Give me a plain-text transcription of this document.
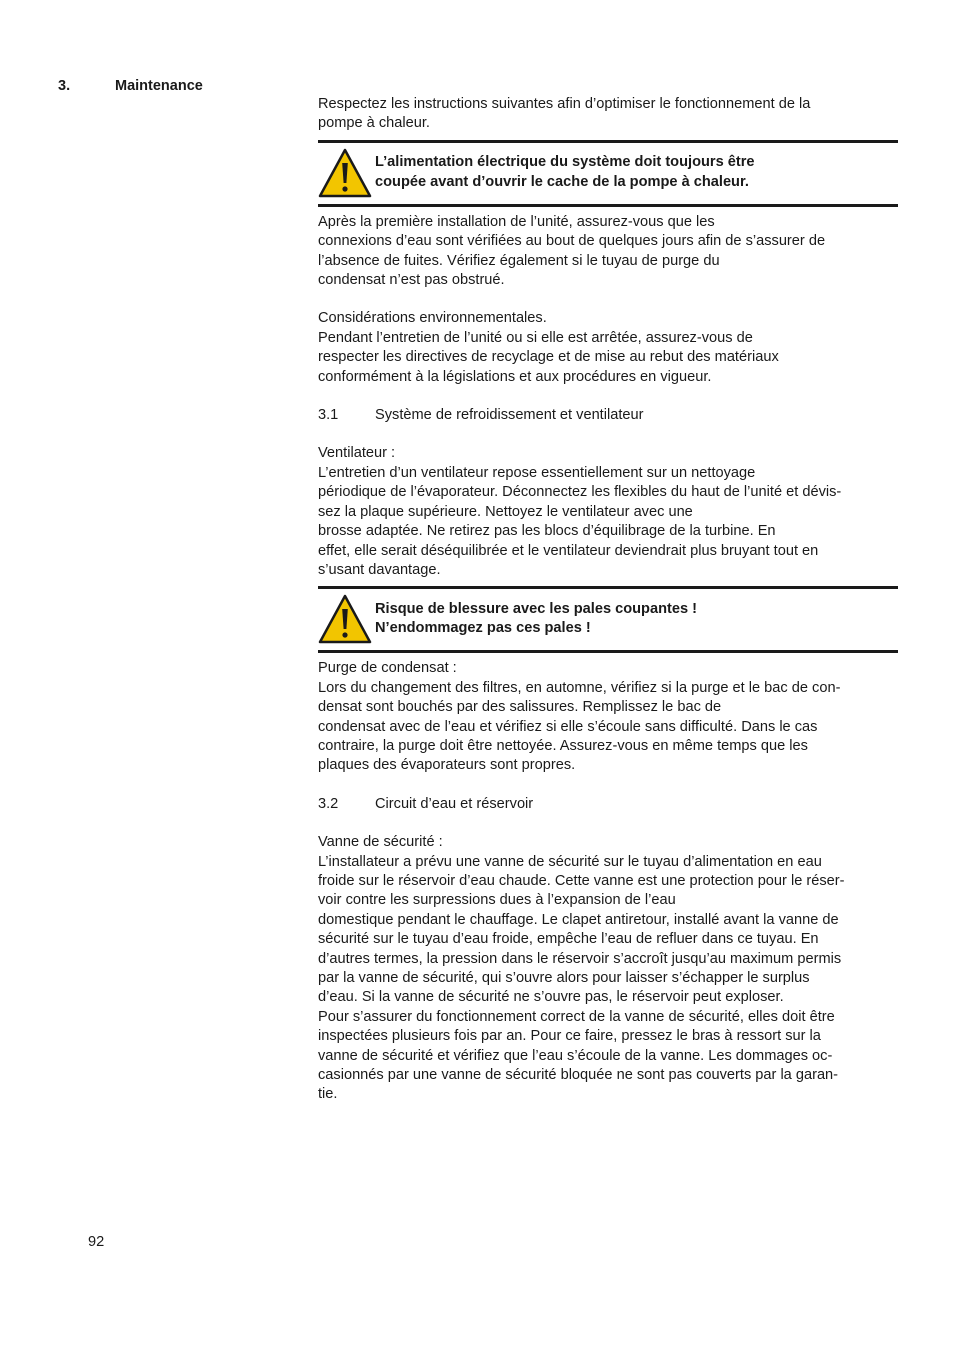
3.	Maintenance

Respectez les instructions suivantes afin d’optimiser le fonctionnement de la
pompe à chaleur.

L’alimentation électrique du système doit toujours être
coupée avant d’ouvrir le cache de la pompe à chaleur.

Après la première installation de l’unité, assurez-vous que les
connexions d’eau sont vérifiées au bout de quelques jours afin de s’assurer de
l’absence de fuites. Vérifiez également si le tuyau de purge du
condensat n’est pas obstrué.

Considérations environnementales.
Pendant l’entretien de l’unité ou si elle est arrêtée, assurez-vous de
respecter les directives de recyclage et de mise au rebut des matériaux
conformément à la législations et aux procédures en vigueur.

3.1	Système de refroidissement et ventilateur

Ventilateur :
L’entretien d’un ventilateur repose essentiellement sur un nettoyage
périodique de l’évaporateur. Déconnectez les flexibles du haut de l’unité et dévis-
sez la plaque supérieure. Nettoyez le ventilateur avec une
brosse adaptée. Ne retirez pas les blocs d’équilibrage de la turbine. En
effet, elle serait déséquilibrée et le ventilateur deviendrait plus bruyant tout en
s’usant davantage.

Risque de blessure avec les pales coupantes !
N’endommagez pas ces pales !

Purge de condensat :
Lors du changement des filtres, en automne, vérifiez si la purge et le bac de con-
densat sont bouchés par des salissures. Remplissez le bac de
condensat avec de l’eau et vérifiez si elle s’écoule sans difficulté. Dans le cas
contraire, la purge doit être nettoyée. Assurez-vous en même temps que les
plaques des évaporateurs sont propres.

3.2	Circuit d’eau et réservoir

Vanne de sécurité :
L’installateur a prévu une vanne de sécurité sur le tuyau d’alimentation en eau
froide sur le réservoir d’eau chaude. Cette vanne est une protection pour le réser-
voir contre les surpressions dues à l’expansion de l’eau
domestique pendant le chauffage. Le clapet antiretour, installé avant la vanne de
sécurité sur le tuyau d’eau froide, empêche l’eau de refluer dans ce tuyau. En
d’autres termes, la pression dans le réservoir s’accroît jusqu’au maximum permis
par la vanne de sécurité, qui s’ouvre alors pour laisser s’échapper le surplus
d’eau. Si la vanne de sécurité ne s’ouvre pas, le réservoir peut exploser.
Pour s’assurer du fonctionnement correct de la vanne de sécurité, elles doit être
inspectées plusieurs fois par an. Pour ce faire, pressez le bras à ressort sur la
vanne de sécurité et vérifiez que l’eau s’écoule de la vanne. Les dommages oc-
casionnés par une vanne de sécurité bloquée ne sont pas couverts par la garan-
tie.

92
